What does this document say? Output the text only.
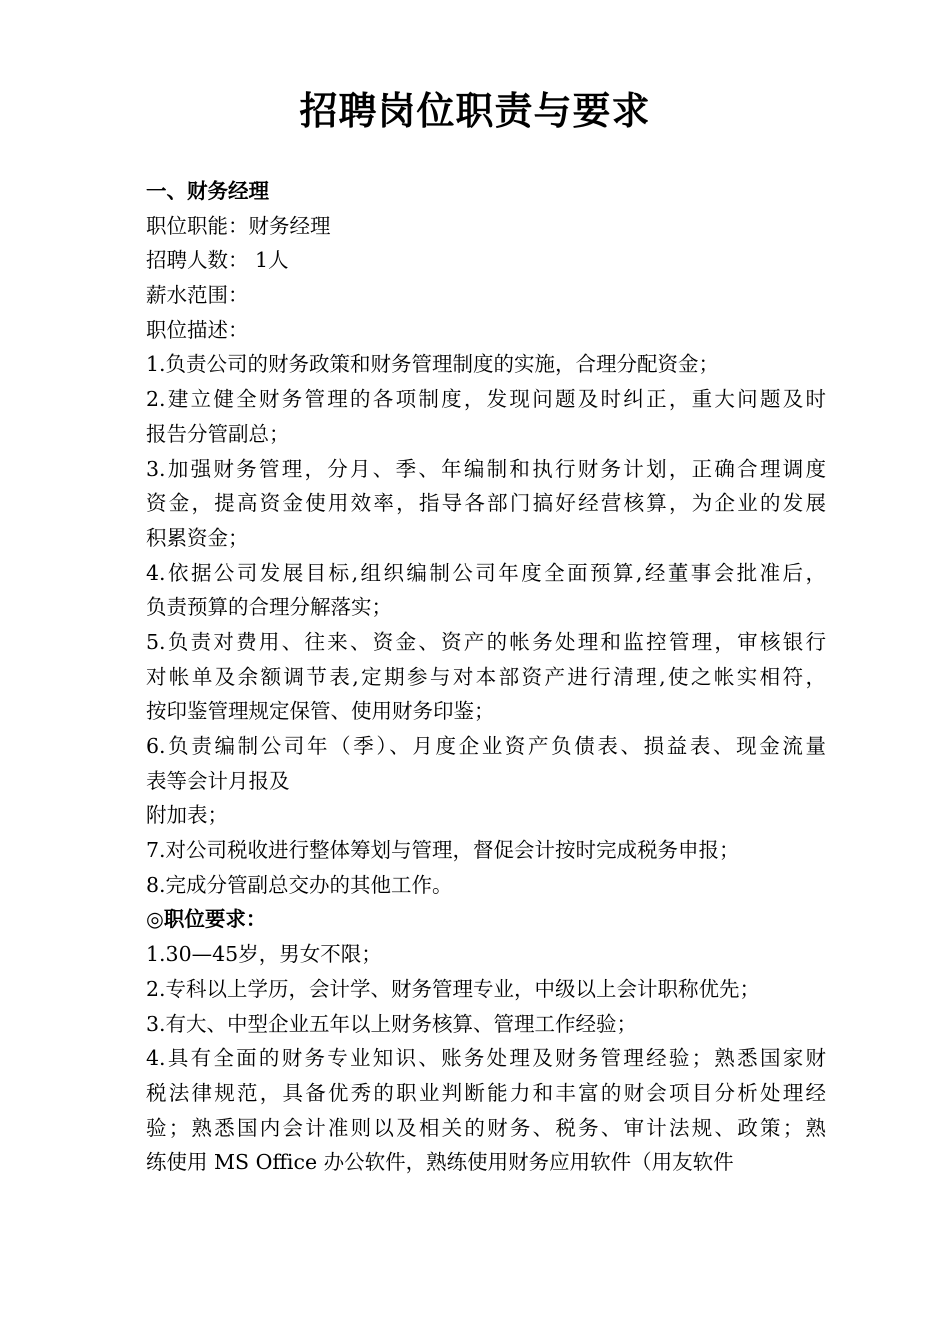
招聘岗位职责与要求
一、财务经理
职位职能：财务经理
招聘人数： 1人
薪水范围：
职位描述：
1.负责公司的财务政策和财务管理制度的实施，合理分配资金；
2.建立健全财务管理的各项制度，发现问题及时纠正，重大问题及时
报告分管副总；
3.加强财务管理，分月、季、年编制和执行财务计划，正确合理调度
资金，提高资金使用效率，指导各部门搞好经营核算，为企业的发展
积累资金；
4.依据公司发展目标,组织编制公司年度全面预算,经董事会批准后，
负责预算的合理分解落实；
5.负责对费用、往来、资金、资产的帐务处理和监控管理，审核银行
对帐单及余额调节表,定期参与对本部资产进行清理,使之帐实相符，
按印鉴管理规定保管、使用财务印鉴；
6.负责编制公司年（季）、月度企业资产负债表、损益表、现金流量
表等会计月报及
附加表；
7.对公司税收进行整体筹划与管理，督促会计按时完成税务申报；
8.完成分管副总交办的其他工作。
◎职位要求：
1.30—45岁，男女不限；
2.专科以上学历，会计学、财务管理专业，中级以上会计职称优先；
3.有大、中型企业五年以上财务核算、管理工作经验；
4.具有全面的财务专业知识、账务处理及财务管理经验；熟悉国家财
税法律规范，具备优秀的职业判断能力和丰富的财会项目分析处理经
验；熟悉国内会计准则以及相关的财务、税务、审计法规、政策；熟
练使用 MS Office 办公软件，熟练使用财务应用软件（用友软件
